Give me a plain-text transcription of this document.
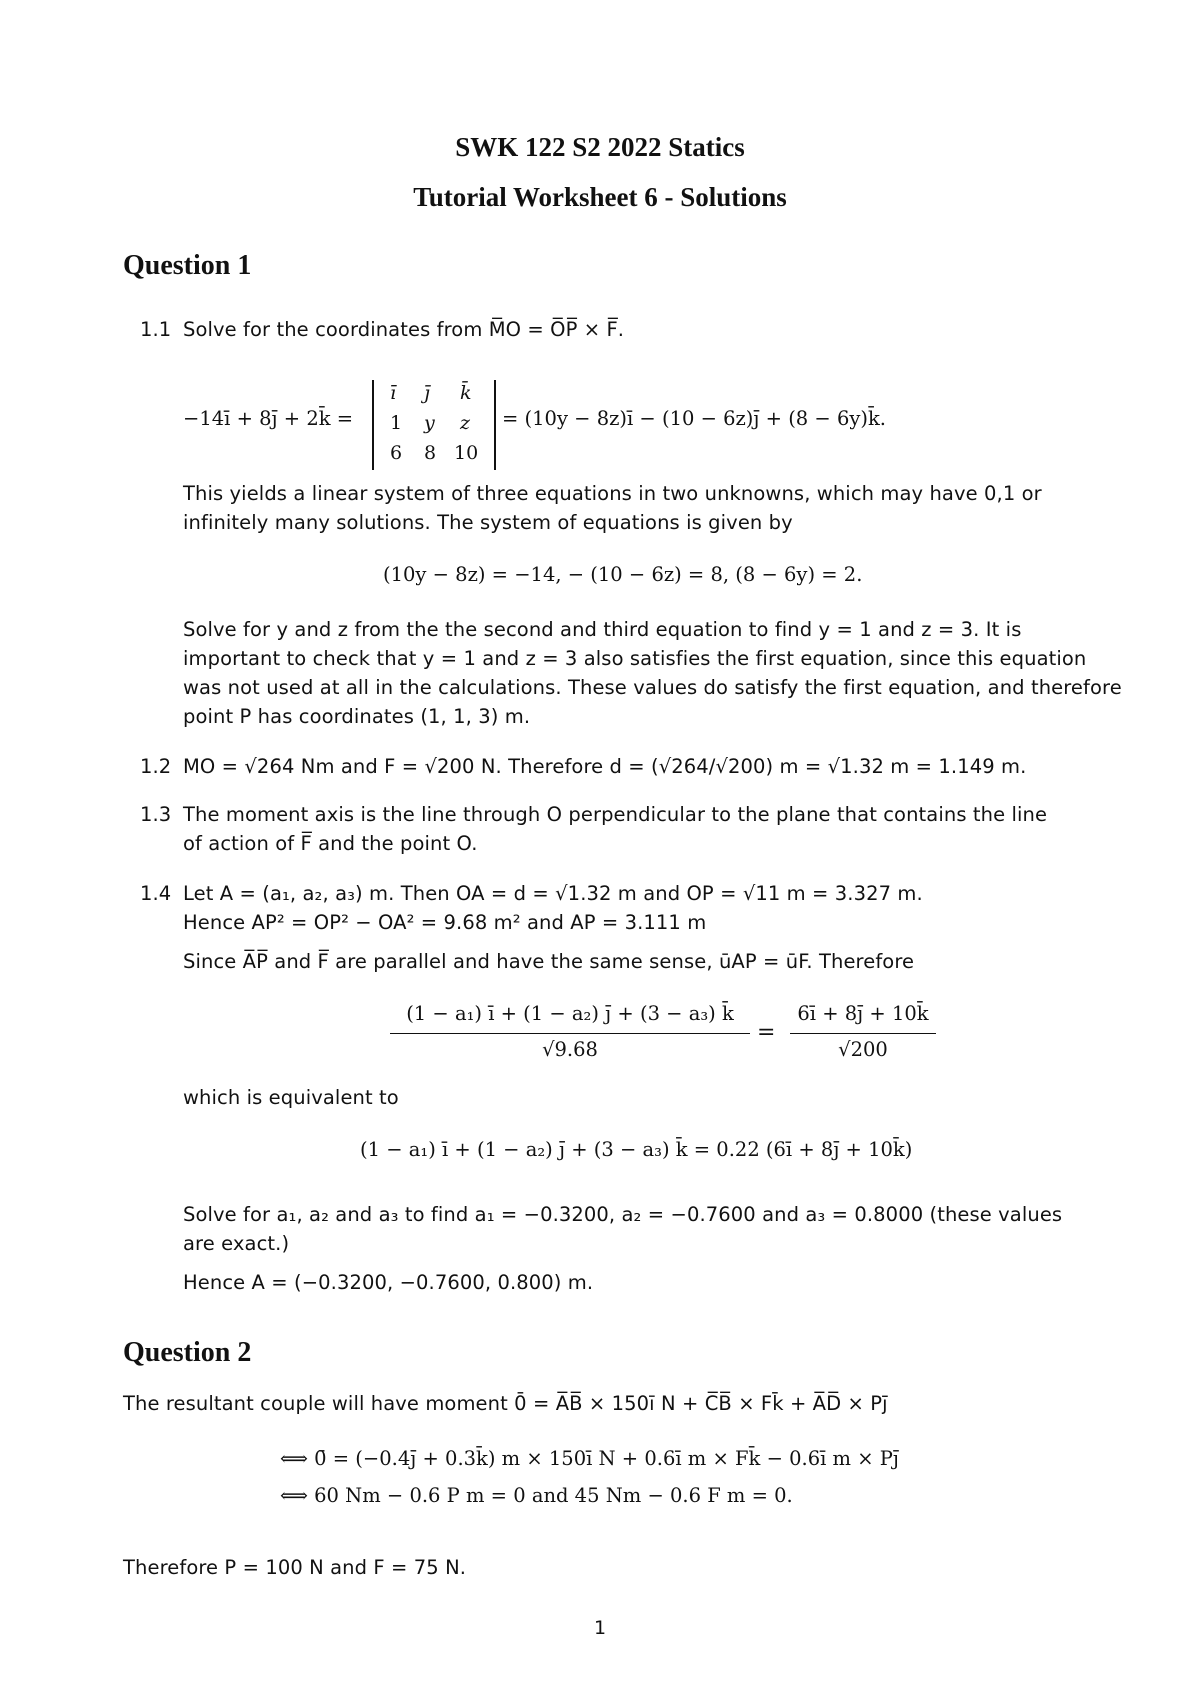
SWK 122 S2 2022 Statics
Tutorial Worksheet 6 - Solutions
Question 1
1.1 Solve for the coordinates from M̅O = O̅P̅ × F̅.
−14ī + 8j̄ + 2k̄ =
ī j̄ k̄
1 y z
6 8 10
= (10y − 8z)ī − (10 − 6z)j̄ + (8 − 6y)k̄.
This yields a linear system of three equations in two unknowns, which may have 0,1 or
infinitely many solutions. The system of equations is given by
(10y − 8z) = −14, − (10 − 6z) = 8, (8 − 6y) = 2.
Solve for y and z from the the second and third equation to find y = 1 and z = 3. It is
important to check that y = 1 and z = 3 also satisfies the first equation, since this equation
was not used at all in the calculations. These values do satisfy the first equation, and therefore
point P has coordinates (1, 1, 3) m.
1.2 MO = √264 Nm and F = √200 N. Therefore d = (√264/√200) m = √1.32 m = 1.149 m.
1.3 The moment axis is the line through O perpendicular to the plane that contains the line
of action of F̅ and the point O.
1.4 Let A = (a₁, a₂, a₃) m. Then OA = d = √1.32 m and OP = √11 m = 3.327 m.
Hence AP² = OP² − OA² = 9.68 m² and AP = 3.111 m
Since A̅P̅ and F̅ are parallel and have the same sense, ūAP = ūF. Therefore
(1 − a₁) ī + (1 − a₂) j̄ + (3 − a₃) k̄
√9.68
=
6ī + 8j̄ + 10k̄
√200
which is equivalent to
(1 − a₁) ī + (1 − a₂) j̄ + (3 − a₃) k̄ = 0.22 (6ī + 8j̄ + 10k̄)
Solve for a₁, a₂ and a₃ to find a₁ = −0.3200, a₂ = −0.7600 and a₃ = 0.8000 (these values
are exact.)
Hence A = (−0.3200, −0.7600, 0.800) m.
Question 2
The resultant couple will have moment 0̄ = A̅B̅ × 150ī N + C̅B̅ × Fk̄ + A̅D̅ × Pj̄
⟺ 0̄ = (−0.4j̄ + 0.3k̄) m × 150ī N + 0.6ī m × Fk̄ − 0.6ī m × Pj̄
⟺ 60 Nm − 0.6 P m = 0 and 45 Nm − 0.6 F m = 0.
Therefore P = 100 N and F = 75 N.
1
